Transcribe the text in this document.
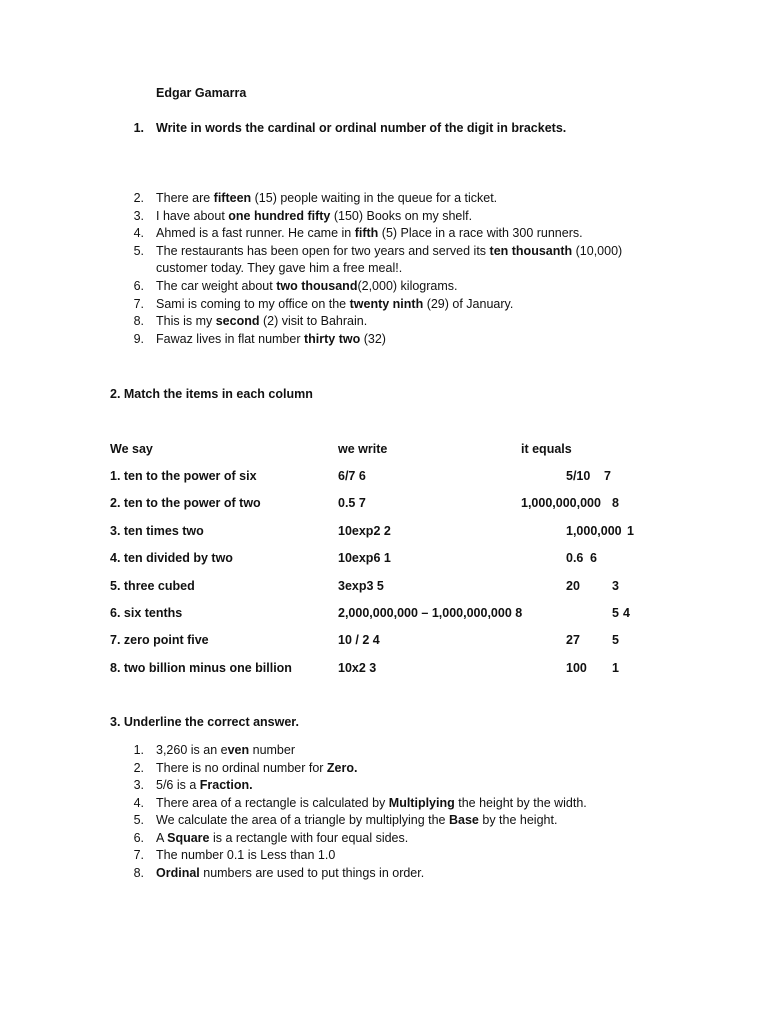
Edgar Gamarra
1. Write in words the cardinal or ordinal number of the digit in brackets.
2. There are fifteen (15) people waiting in the queue for a ticket.
3. I have about one hundred fifty (150) Books on my shelf.
4. Ahmed is a fast runner. He came in fifth (5) Place in a race with 300 runners.
5. The restaurants has been open for two years and served its ten thousanth (10,000)
customer today. They gave him a free meal!.
6. The car weight about two thousand(2,000) kilograms.
7. Sami is coming to my office on the twenty ninth (29) of January.
8. This is my second (2) visit to Bahrain.
9. Fawaz lives in flat number thirty two (32)
2. Match the items in each column
We say	we write	it equals
1. ten to the power of six	6/7 6	5/10 7
2. ten to the power of two	0.5 7	1,000,000,000 8
3. ten times two	10exp2 2	1,000,000 1
4. ten divided by two	10exp6 1	0.6 6
5. three cubed	3exp3 5	20	3
6. six tenths	2,000,000,000 – 1,000,000,000 8	5 4
7. zero point five	10 / 2 4	27	5
8. two billion minus one billion	10x2 3	100 1
3. Underline the correct answer.
1. 3,260 is an even number
2. There is no ordinal number for Zero.
3. 5/6 is a Fraction.
4. There area of a rectangle is calculated by Multiplying the height by the width.
5. We calculate the area of a triangle by multiplying the Base by the height.
6. A Square is a rectangle with four equal sides.
7. The number 0.1 is Less than 1.0
8. Ordinal numbers are used to put things in order.
